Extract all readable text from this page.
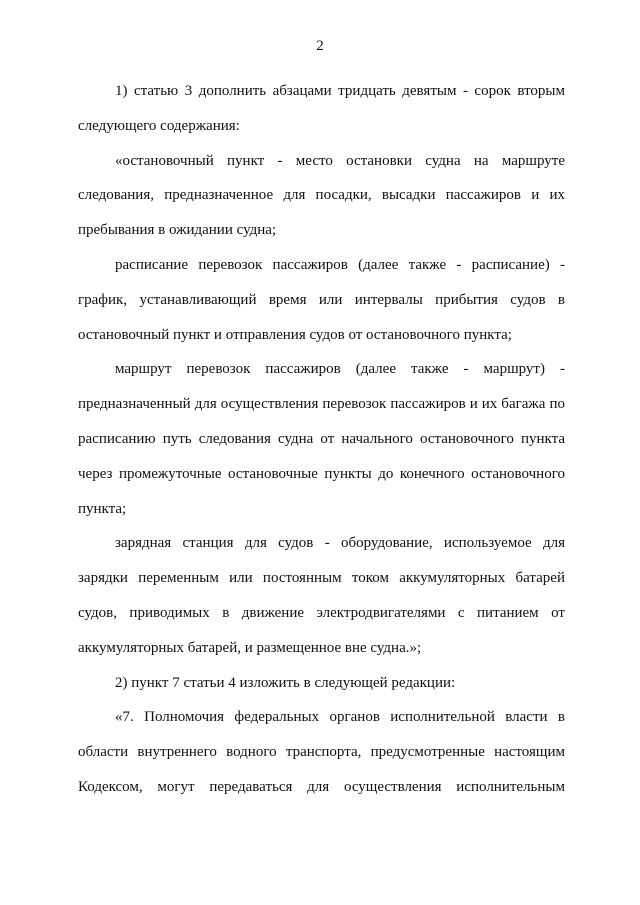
2

1) статью 3 дополнить абзацами тридцать девятым - сорок вторым следующего содержания:

«остановочный пункт - место остановки судна на маршруте следования, предназначенное для посадки, высадки пассажиров и их пребывания в ожидании судна;

расписание перевозок пассажиров (далее также - расписание) - график, устанавливающий время или интервалы прибытия судов в остановочный пункт и отправления судов от остановочного пункта;

маршрут перевозок пассажиров (далее также - маршрут) - предназначенный для осуществления перевозок пассажиров и их багажа по расписанию путь следования судна от начального остановочного пункта через промежуточные остановочные пункты до конечного остановочного пункта;

зарядная станция для судов - оборудование, используемое для зарядки переменным или постоянным током аккумуляторных батарей судов, приводимых в движение электродвигателями с питанием от аккумуляторных батарей, и размещенное вне судна.»;

2) пункт 7 статьи 4 изложить в следующей редакции:

«7. Полномочия федеральных органов исполнительной власти в области внутреннего водного транспорта, предусмотренные настоящим Кодексом, могут передаваться для осуществления исполнительным
